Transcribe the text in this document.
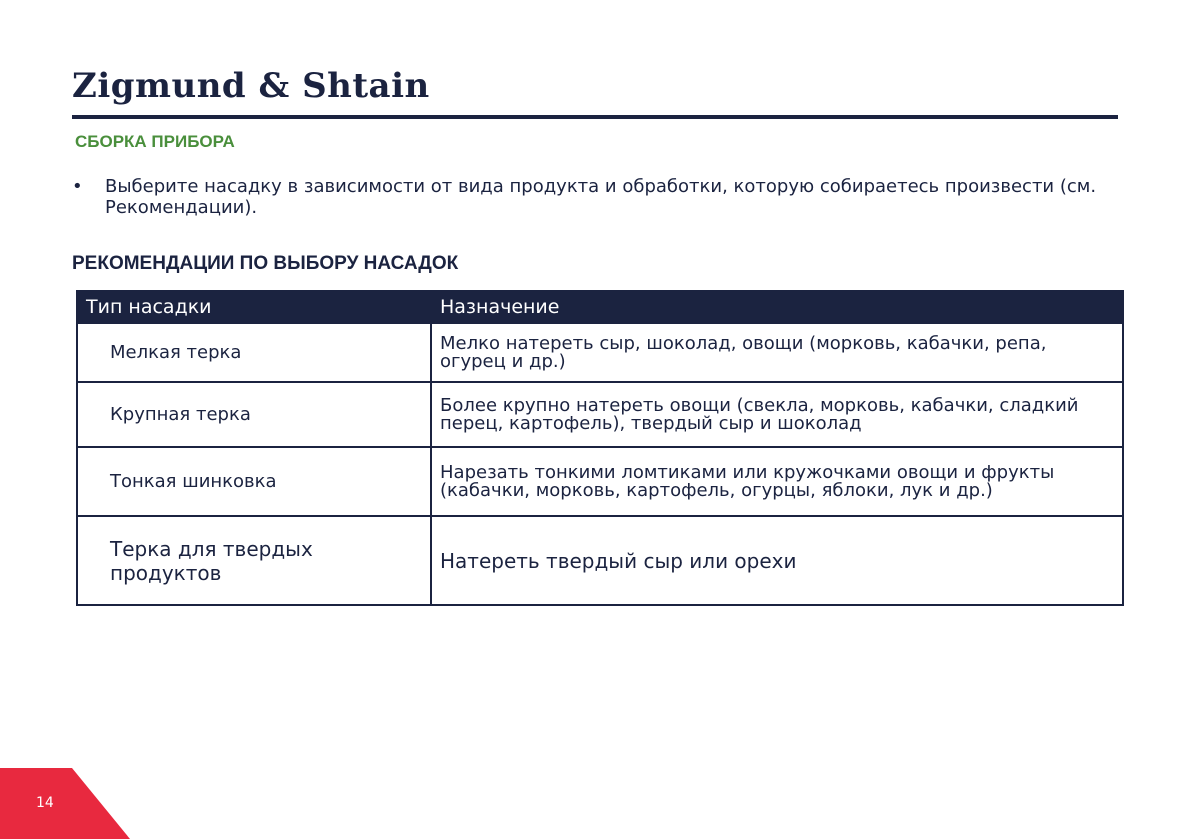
Zigmund & Shtain
СБОРКА ПРИБОРА
• Выберите насадку в зависимости от вида продукта и обработки, которую собираетесь произвести (см. Рекомендации).
РЕКОМЕНДАЦИИ ПО ВЫБОРУ НАСАДОК
Тип насадки	Назначение
Мелкая терка	Мелко натереть сыр, шоколад, овощи (морковь, кабачки, репа, огурец и др.)
Крупная терка	Более крупно натереть овощи (свекла, морковь, кабачки, сладкий перец, картофель), твердый сыр и шоколад
Тонкая шинковка	Нарезать тонкими ломтиками или кружочками овощи и фрукты (кабачки, морковь, картофель, огурцы, яблоки, лук и др.)
Терка для твердых продуктов	Натереть твердый сыр или орехи
14
